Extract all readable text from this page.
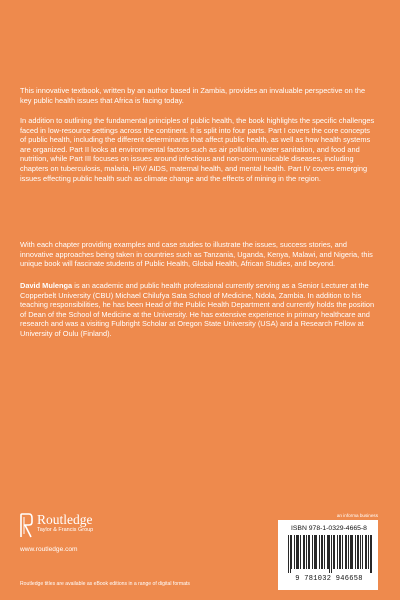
This innovative textbook, written by an author based in Zambia, provides an invaluable perspective on the key public health issues that Africa is facing today.

In addition to outlining the fundamental principles of public health, the book highlights the specific challenges faced in low-resource settings across the continent. It is split into four parts. Part I covers the core concepts of public health, including the different determinants that affect public health, as well as how health systems are organized. Part II looks at environmental factors such as air pollution, water sanitation, and food and nutrition, while Part III focuses on issues around infectious and non-communicable diseases, including chapters on tuberculosis, malaria, HIV/ AIDS, maternal health, and mental health. Part IV covers emerging issues effecting public health such as climate change and the effects of mining in the region.

With each chapter providing examples and case studies to illustrate the issues, success stories, and innovative approaches being taken in countries such as Tanzania, Uganda, Kenya, Malawi, and Nigeria, this unique book will fascinate students of Public Health, Global Health, African Studies, and beyond.

David Mulenga is an academic and public health professional currently serving as a Senior Lecturer at the Copperbelt University (CBU) Michael Chilufya Sata School of Medicine, Ndola, Zambia. In addition to his teaching responsibilities, he has been Head of the Public Health Department and currently holds the position of Dean of the School of Medicine at the University. He has extensive experience in primary healthcare and research and was a visiting Fulbright Scholar at Oregon State University (USA) and a Research Fellow at University of Oulu (Finland).

Routledge
Taylor & Francis Group
www.routledge.com
an informa business
ISBN 978-1-0329-4665-8
9 781032 946658
Routledge titles are available as eBook editions in a range of digital formats
